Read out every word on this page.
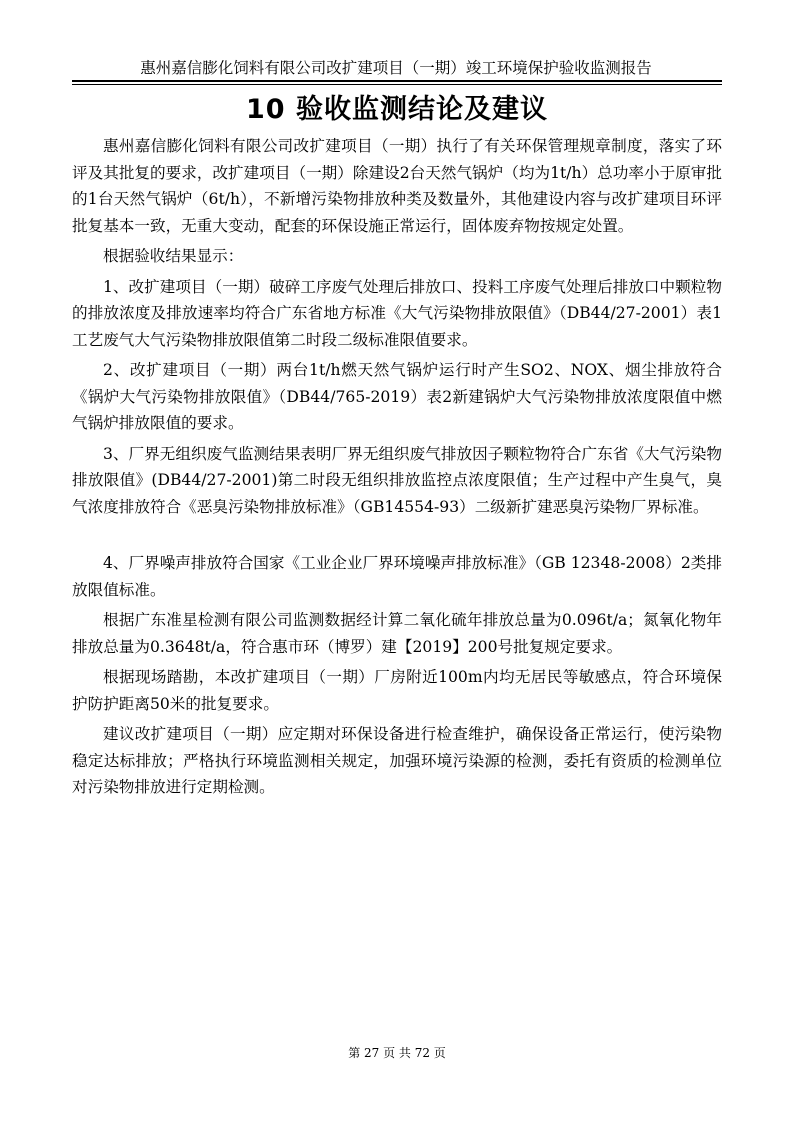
惠州嘉信膨化饲料有限公司改扩建项目（一期）竣工环境保护验收监测报告
10 验收监测结论及建议

惠州嘉信膨化饲料有限公司改扩建项目（一期）执行了有关环保管理规章制度，落实了环评及其批复的要求，改扩建项目（一期）除建设2台天然气锅炉（均为1t/h）总功率小于原审批的1台天然气锅炉（6t/h），不新增污染物排放种类及数量外，其他建设内容与改扩建项目环评批复基本一致，无重大变动，配套的环保设施正常运行，固体废弃物按规定处置。

根据验收结果显示：

1、改扩建项目（一期）破碎工序废气处理后排放口、投料工序废气处理后排放口中颗粒物的排放浓度及排放速率均符合广东省地方标准《大气污染物排放限值》（DB44/27-2001）表1 工艺废气大气污染物排放限值第二时段二级标准限值要求。

2、改扩建项目（一期）两台1t/h燃天然气锅炉运行时产生SO2、NOX、烟尘排放符合《锅炉大气污染物排放限值》（DB44/765-2019）表2新建锅炉大气污染物排放浓度限值中燃气锅炉排放限值的要求。

3、厂界无组织废气监测结果表明厂界无组织废气排放因子颗粒物符合广东省《大气污染物排放限值》(DB44/27-2001)第二时段无组织排放监控点浓度限值；生产过程中产生臭气，臭气浓度排放符合《恶臭污染物排放标准》（GB14554-93）二级新扩建恶臭污染物厂界标准。

4、厂界噪声排放符合国家《工业企业厂界环境噪声排放标准》（GB 12348-2008）2类排放限值标准。

根据广东准星检测有限公司监测数据经计算二氧化硫年排放总量为0.096t/a；氮氧化物年排放总量为0.3648t/a，符合惠市环（博罗）建【2019】200号批复规定要求。

根据现场踏勘，本改扩建项目（一期）厂房附近100m内均无居民等敏感点，符合环境保护防护距离50米的批复要求。

建议改扩建项目（一期）应定期对环保设备进行检查维护，确保设备正常运行，使污染物稳定达标排放；严格执行环境监测相关规定，加强环境污染源的检测，委托有资质的检测单位对污染物排放进行定期检测。

第 27 页 共 72 页
